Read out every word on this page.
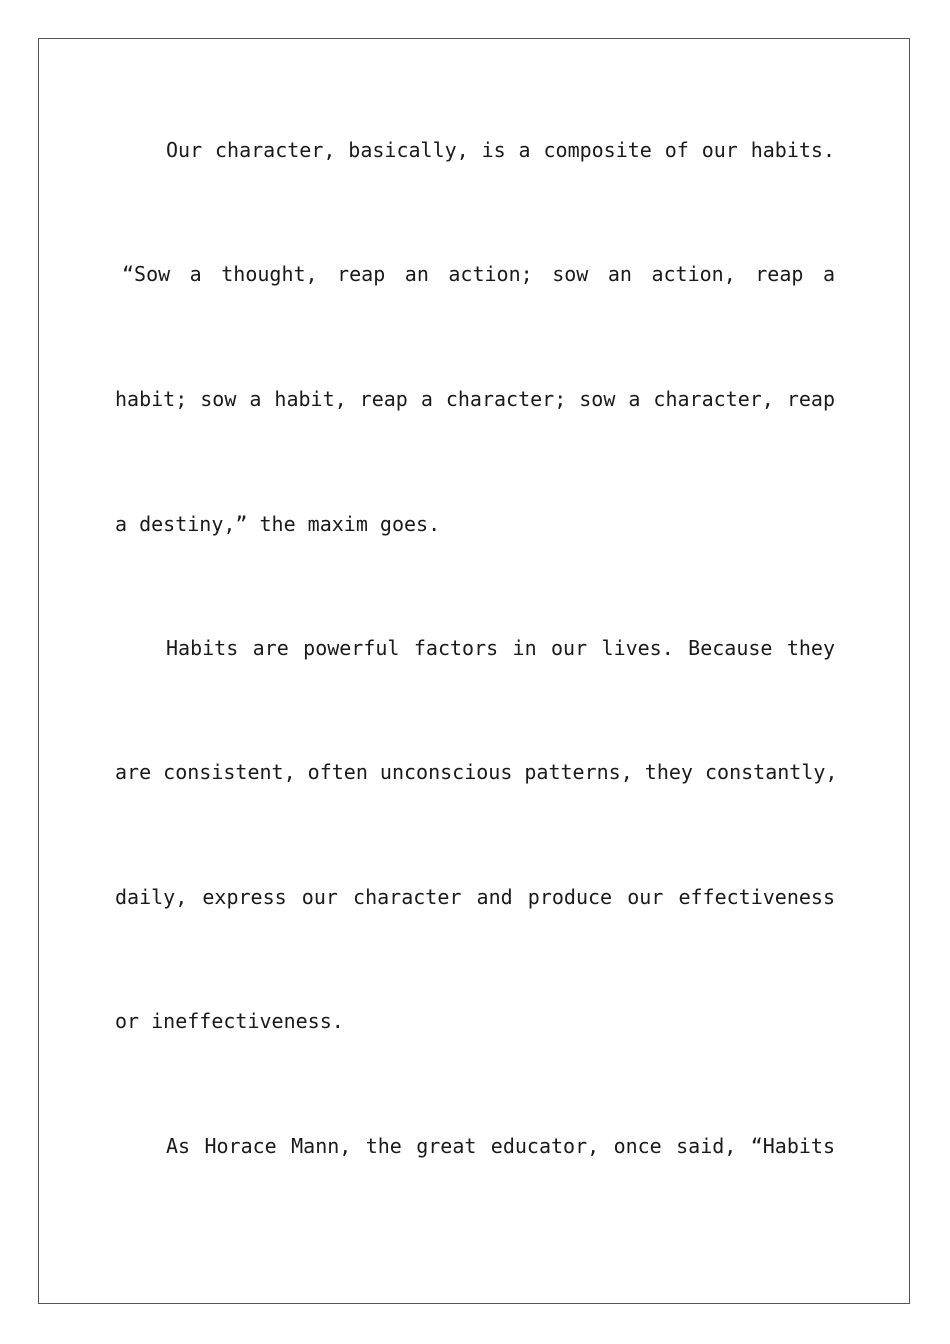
Our character, basically, is a composite of our habits.
“Sow a thought, reap an action; sow an action, reap a
habit; sow a habit, reap a character; sow a character, reap
a destiny,” the maxim goes.
Habits are powerful factors in our lives. Because they
are consistent, often unconscious patterns, they constantly,
daily, express our character and produce our effectiveness
or ineffectiveness.
As Horace Mann, the great educator, once said, “Habits
